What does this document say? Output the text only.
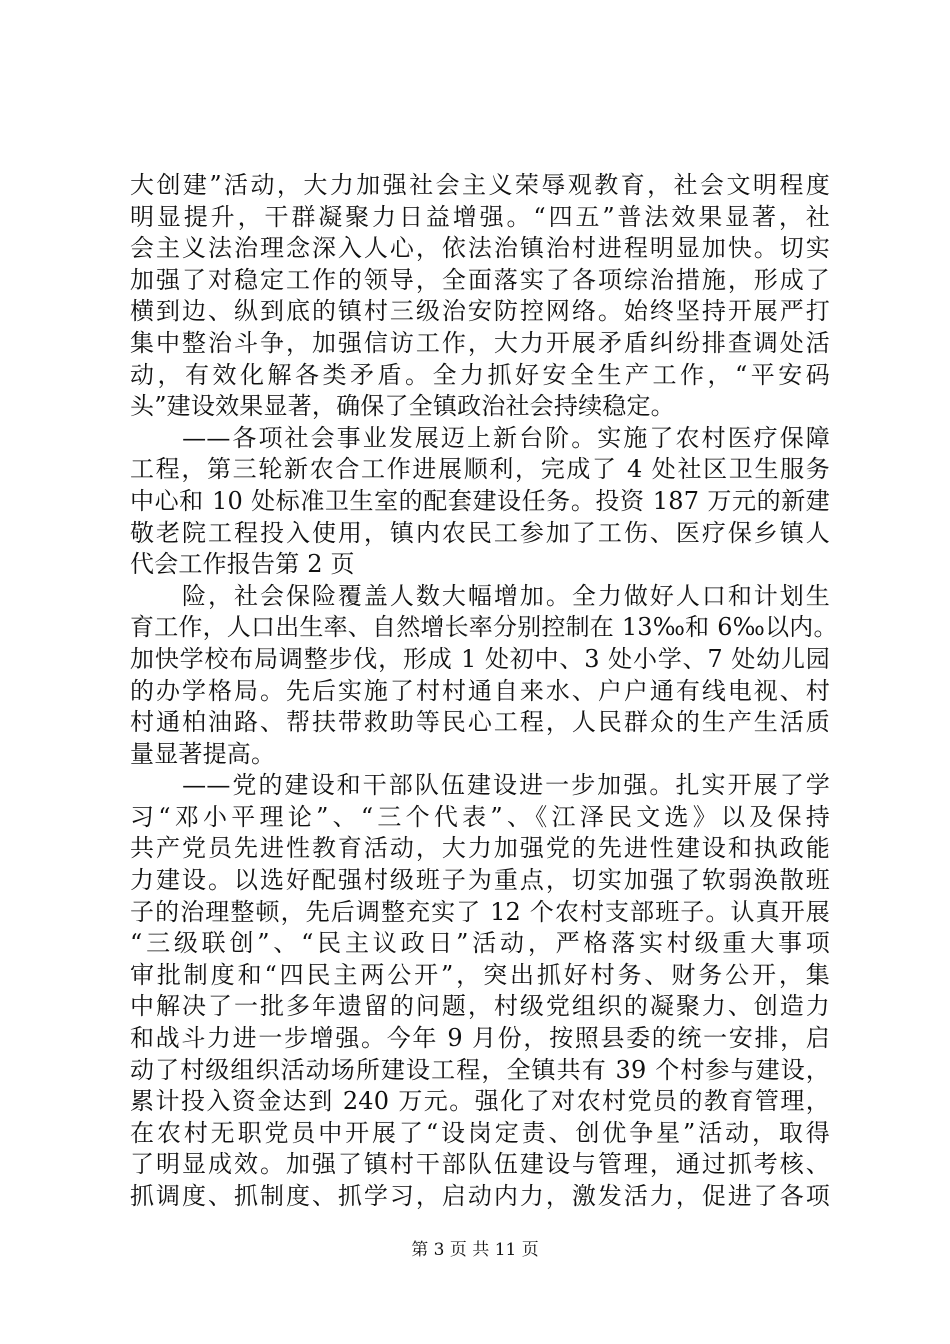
大创建”活动，大力加强社会主义荣辱观教育，社会文明程度
明显提升，干群凝聚力日益增强。“四五”普法效果显著，社
会主义法治理念深入人心，依法治镇治村进程明显加快。切实
加强了对稳定工作的领导，全面落实了各项综治措施，形成了
横到边、纵到底的镇村三级治安防控网络。始终坚持开展严打
集中整治斗争，加强信访工作，大力开展矛盾纠纷排查调处活
动，有效化解各类矛盾。全力抓好安全生产工作，“平安码
头”建设效果显著，确保了全镇政治社会持续稳定。
　　——各项社会事业发展迈上新台阶。实施了农村医疗保障
工程，第三轮新农合工作进展顺利，完成了 4 处社区卫生服务
中心和 10 处标准卫生室的配套建设任务。投资 187 万元的新建
敬老院工程投入使用，镇内农民工参加了工伤、医疗保乡镇人
代会工作报告第 2 页
　　险，社会保险覆盖人数大幅增加。全力做好人口和计划生
育工作，人口出生率、自然增长率分别控制在 13‰和 6‰以内。
加快学校布局调整步伐，形成 1 处初中、3 处小学、7 处幼儿园
的办学格局。先后实施了村村通自来水、户户通有线电视、村
村通柏油路、帮扶带救助等民心工程，人民群众的生产生活质
量显著提高。
　　——党的建设和干部队伍建设进一步加强。扎实开展了学
习“邓小平理论”、“三个代表”、《江泽民文选》以及保持
共产党员先进性教育活动，大力加强党的先进性建设和执政能
力建设。以选好配强村级班子为重点，切实加强了软弱涣散班
子的治理整顿，先后调整充实了 12 个农村支部班子。认真开展
“三级联创”、“民主议政日”活动，严格落实村级重大事项
审批制度和“四民主两公开”，突出抓好村务、财务公开，集
中解决了一批多年遗留的问题，村级党组织的凝聚力、创造力
和战斗力进一步增强。今年 9 月份，按照县委的统一安排，启
动了村级组织活动场所建设工程，全镇共有 39 个村参与建设，
累计投入资金达到 240 万元。强化了对农村党员的教育管理，
在农村无职党员中开展了“设岗定责、创优争星”活动，取得
了明显成效。加强了镇村干部队伍建设与管理，通过抓考核、
抓调度、抓制度、抓学习，启动内力，激发活力，促进了各项
第 3 页 共 11 页
